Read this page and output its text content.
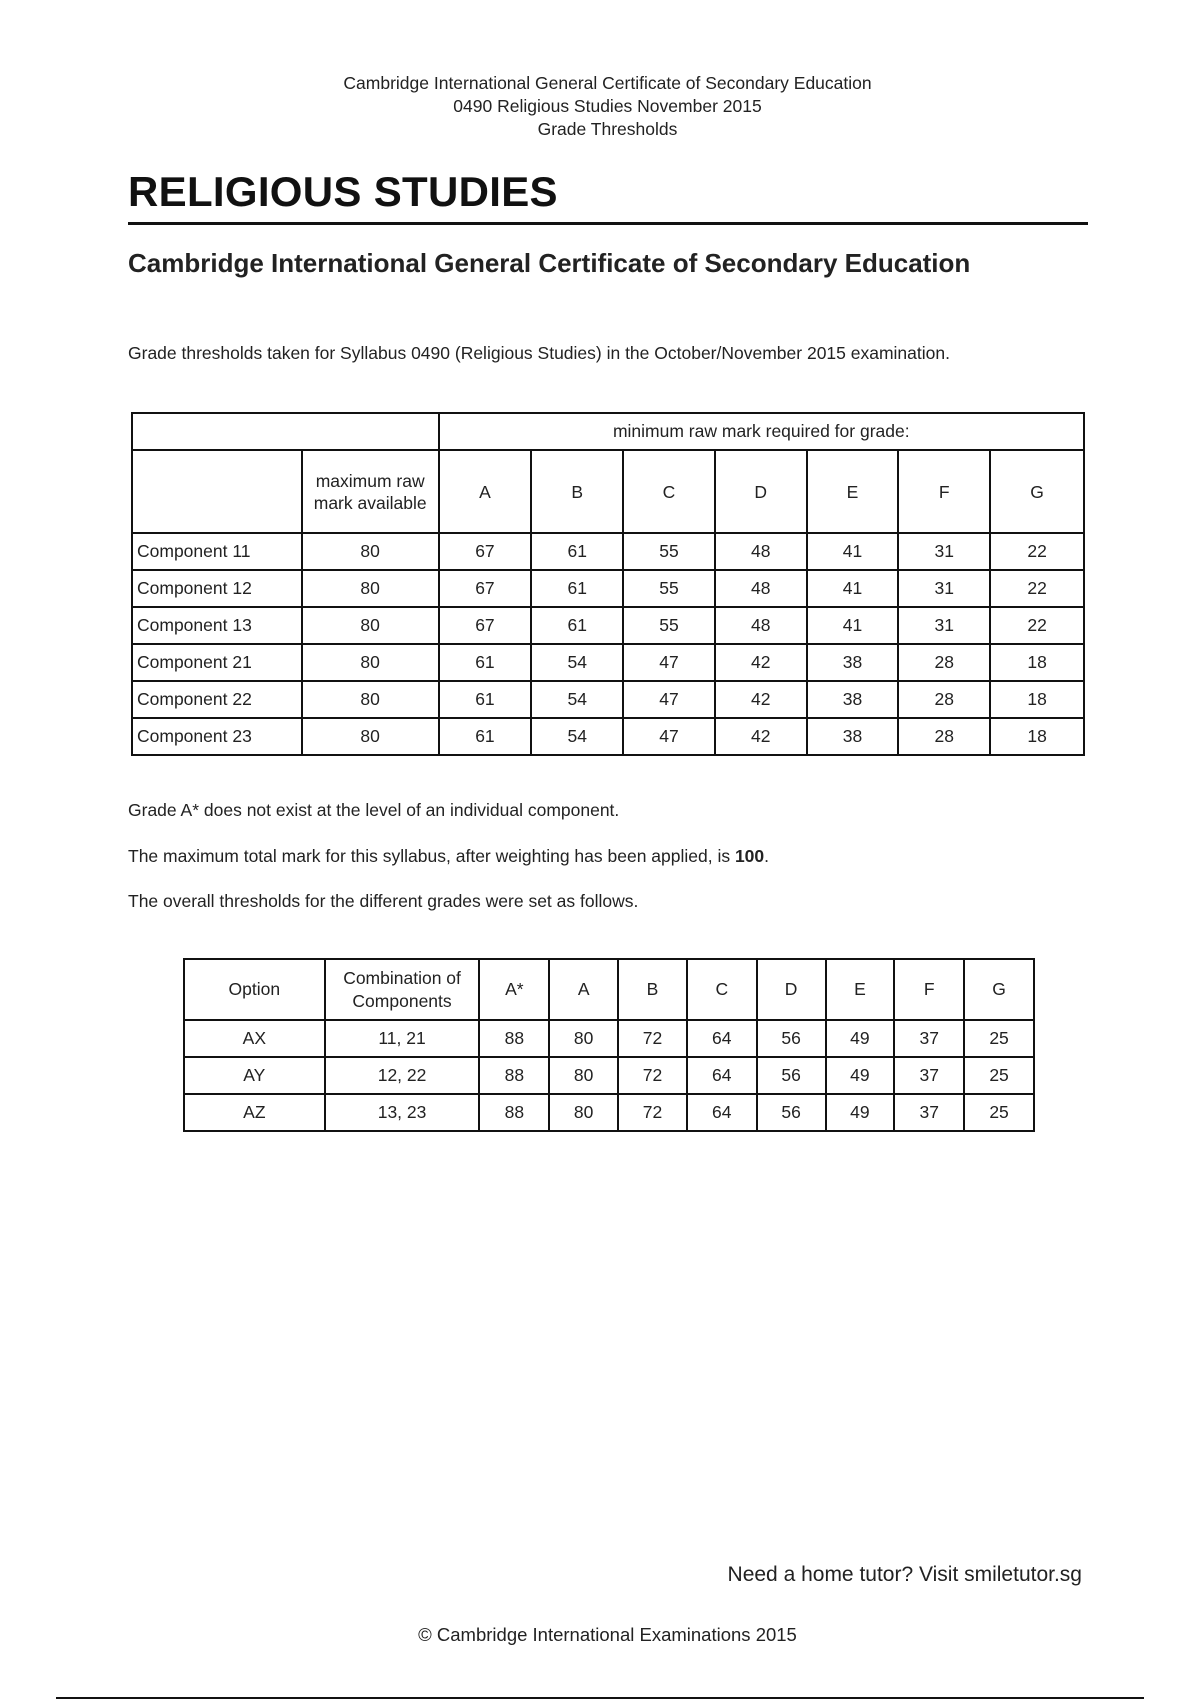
Cambridge International General Certificate of Secondary Education
0490 Religious Studies November 2015
Grade Thresholds
RELIGIOUS STUDIES
Cambridge International General Certificate of Secondary Education
Grade thresholds taken for Syllabus 0490 (Religious Studies) in the October/November 2015 examination.
		minimum raw mark required for grade:						
	maximum raw mark available	A	B	C	D	E	F	G
Component 11	80	67	61	55	48	41	31	22
Component 12	80	67	61	55	48	41	31	22
Component 13	80	67	61	55	48	41	31	22
Component 21	80	61	54	47	42	38	28	18
Component 22	80	61	54	47	42	38	28	18
Component 23	80	61	54	47	42	38	28	18
Grade A* does not exist at the level of an individual component.
The maximum total mark for this syllabus, after weighting has been applied, is 100.
The overall thresholds for the different grades were set as follows.
Option	Combination of Components	A*	A	B	C	D	E	F	G
AX	11, 21	88	80	72	64	56	49	37	25
AY	12, 22	88	80	72	64	56	49	37	25
AZ	13, 23	88	80	72	64	56	49	37	25
Need a home tutor? Visit smiletutor.sg
© Cambridge International Examinations 2015
